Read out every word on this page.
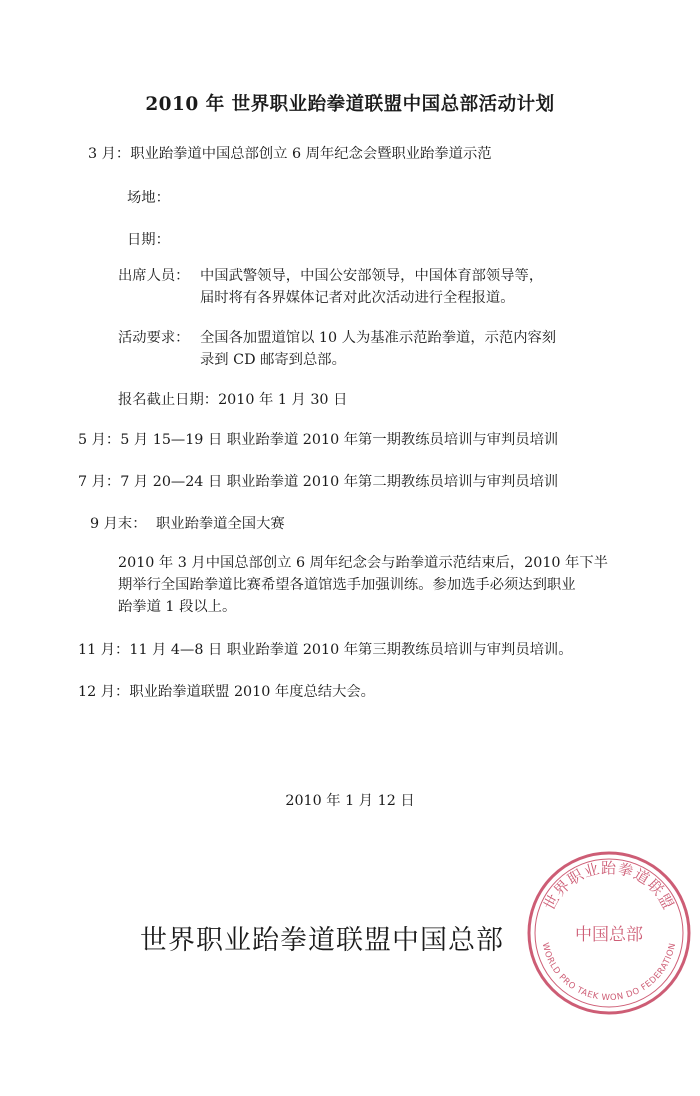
2010 年 世界职业跆拳道联盟中国总部活动计划
3 月：职业跆拳道中国总部创立 6 周年纪念会暨职业跆拳道示范
场地：
日期：
出席人员： 中国武警领导，中国公安部领导，中国体育部领导等，
届时将有各界媒体记者对此次活动进行全程报道。
活动要求： 全国各加盟道馆以 10 人为基准示范跆拳道，示范内容刻
录到 CD 邮寄到总部。
报名截止日期：2010 年 1 月 30 日
5 月：5 月 15—19 日 职业跆拳道 2010 年第一期教练员培训与审判员培训
7 月：7 月 20—24 日 职业跆拳道 2010 年第二期教练员培训与审判员培训
9 月末： 职业跆拳道全国大赛
2010 年 3 月中国总部创立 6 周年纪念会与跆拳道示范结束后，2010 年下半
期举行全国跆拳道比赛希望各道馆选手加强训练。参加选手必须达到职业
跆拳道 1 段以上。
11 月：11 月 4—8 日 职业跆拳道 2010 年第三期教练员培训与审判员培训。
12 月：职业跆拳道联盟 2010 年度总结大会。
2010 年 1 月 12 日
世界职业跆拳道联盟中国总部
世界职业跆拳道联盟
中国总部
WORLD PRO TAEK WON DO FEDERATION
